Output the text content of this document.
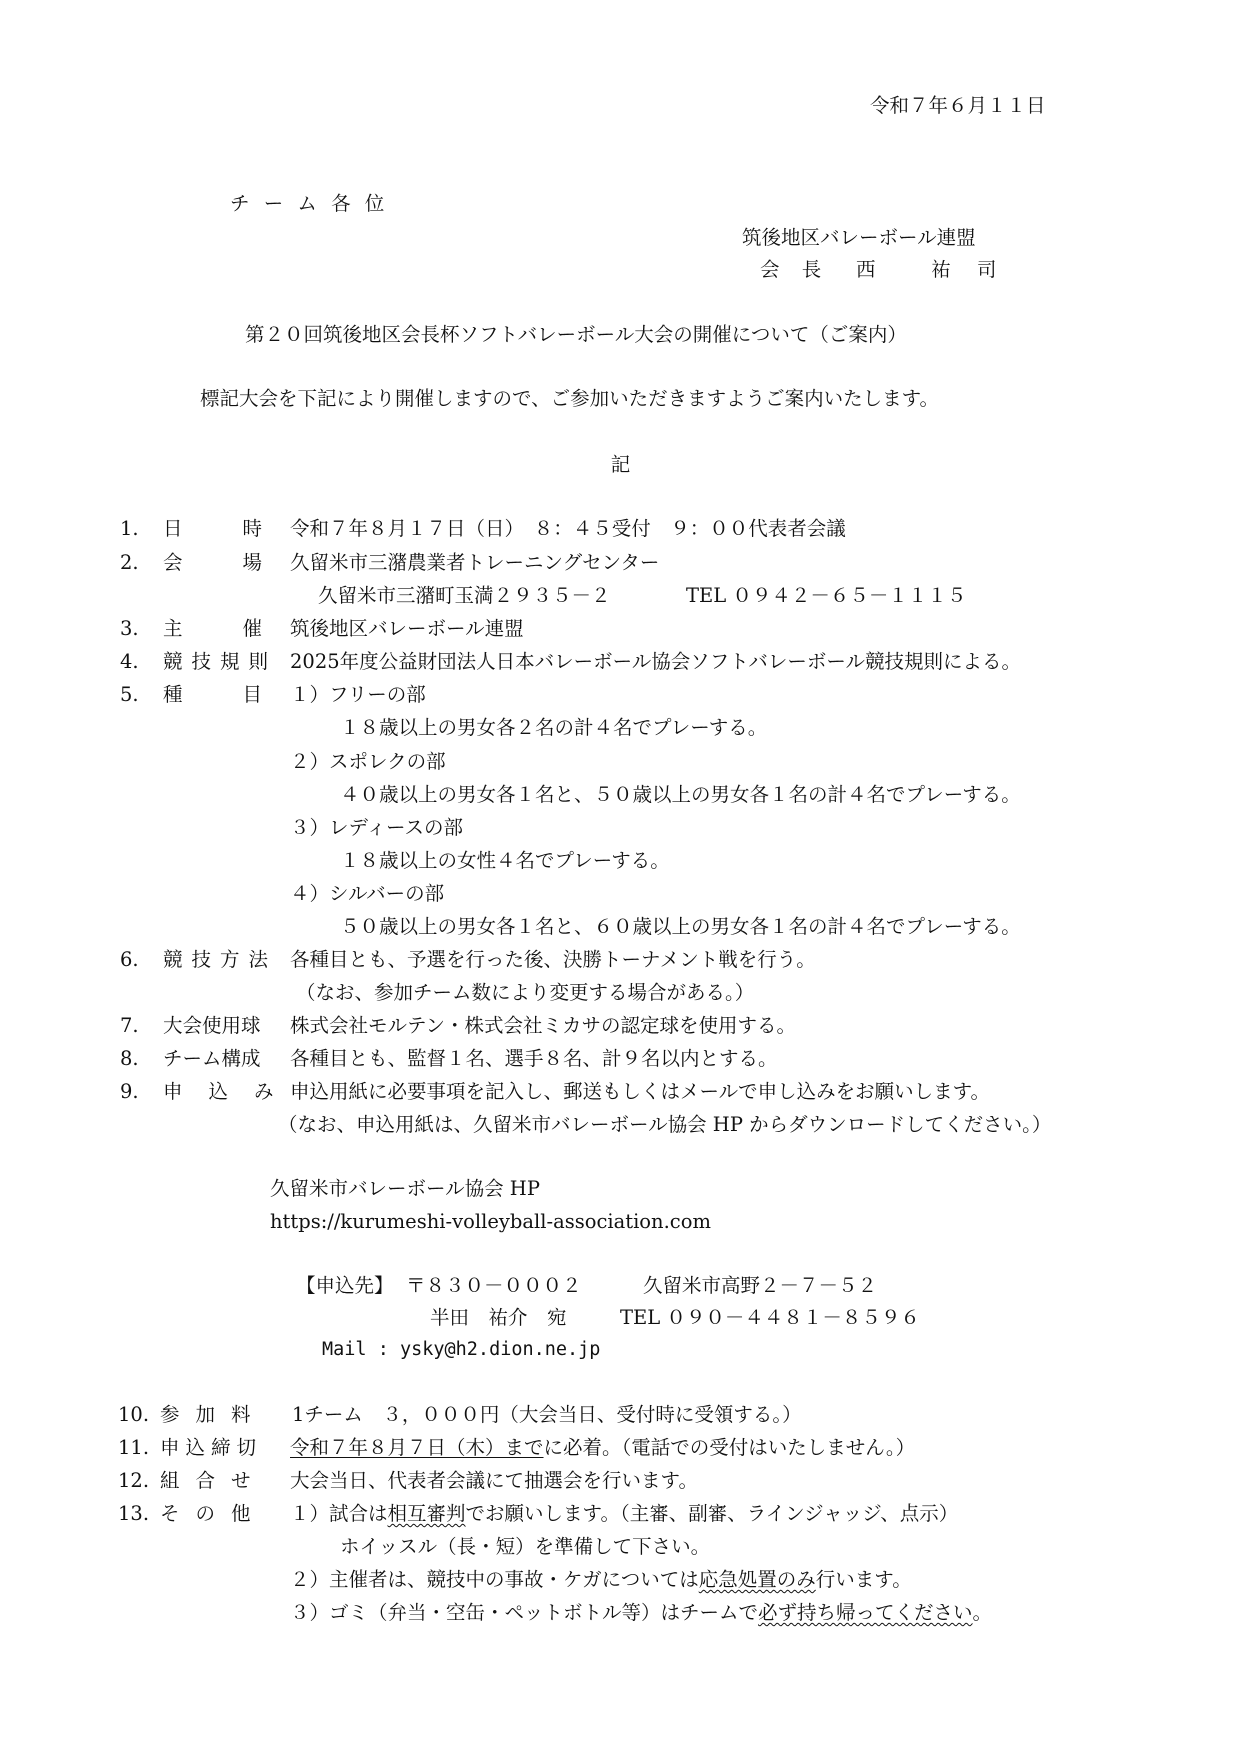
令和７年６月１１日
チ ー ム 各 位
筑後地区バレーボール連盟
会 長 西　 祐 司
第２０回筑後地区会長杯ソフトバレーボール大会の開催について（ご案内）
標記大会を下記により開催しますので、ご参加いただきますようご案内いたします。
記
1. 日時
令和７年８月１７日（日）　８：４５受付　９：００代表者会議
2. 会場
久留米市三潴農業者トレーニングセンター
久留米市三潴町玉満２９３５－２	TEL ０９４２－６５－１１１５
3. 主催
筑後地区バレーボール連盟
4. 競技規則 2025年度公益財団法人日本バレーボール協会ソフトバレーボール競技規則による。
5. 種目
１）フリーの部
１８歳以上の男女各２名の計４名でプレーする。
２）スポレクの部
４０歳以上の男女各１名と、５０歳以上の男女各１名の計４名でプレーする。
３）レディースの部
１８歳以上の女性４名でプレーする。
４）シルバーの部
５０歳以上の男女各１名と、６０歳以上の男女各１名の計４名でプレーする。
6. 競技方法 各種目とも、予選を行った後、決勝トーナメント戦を行う。
（なお、参加チーム数により変更する場合がある。）
7. 大会使用球 株式会社モルテン・株式会社ミカサの認定球を使用する。
8. チーム構成 各種目とも、監督１名、選手８名、計９名以内とする。
9. 申込み
申込用紙に必要事項を記入し、郵送もしくはメールで申し込みをお願いします。
（なお、申込用紙は、久留米市バレーボール協会 HP からダウンロードしてください。）
久留米市バレーボール協会 HP
https://kurumeshi-volleyball-association.com
【申込先】 〒８３０－０００２	久留米市高野２－７－５２
半田　祐介　宛	TEL ０９０－４４８１－８５９６
Mail : ysky@h2.dion.ne.jp
10. 参加料 1チーム　３，０００円（大会当日、受付時に受領する。）
11. 申込締切 令和７年８月７日（木）までに必着。（電話での受付はいたしません。）
12. 組合せ 大会当日、代表者会議にて抽選会を行います。
13. その他 １）試合は相互審判でお願いします。（主審、副審、ラインジャッジ、点示）
ホイッスル（長・短）を準備して下さい。
２）主催者は、競技中の事故・ケガについては応急処置のみ行います。
３）ゴミ（弁当・空缶・ペットボトル等）はチームで必ず持ち帰ってください。
